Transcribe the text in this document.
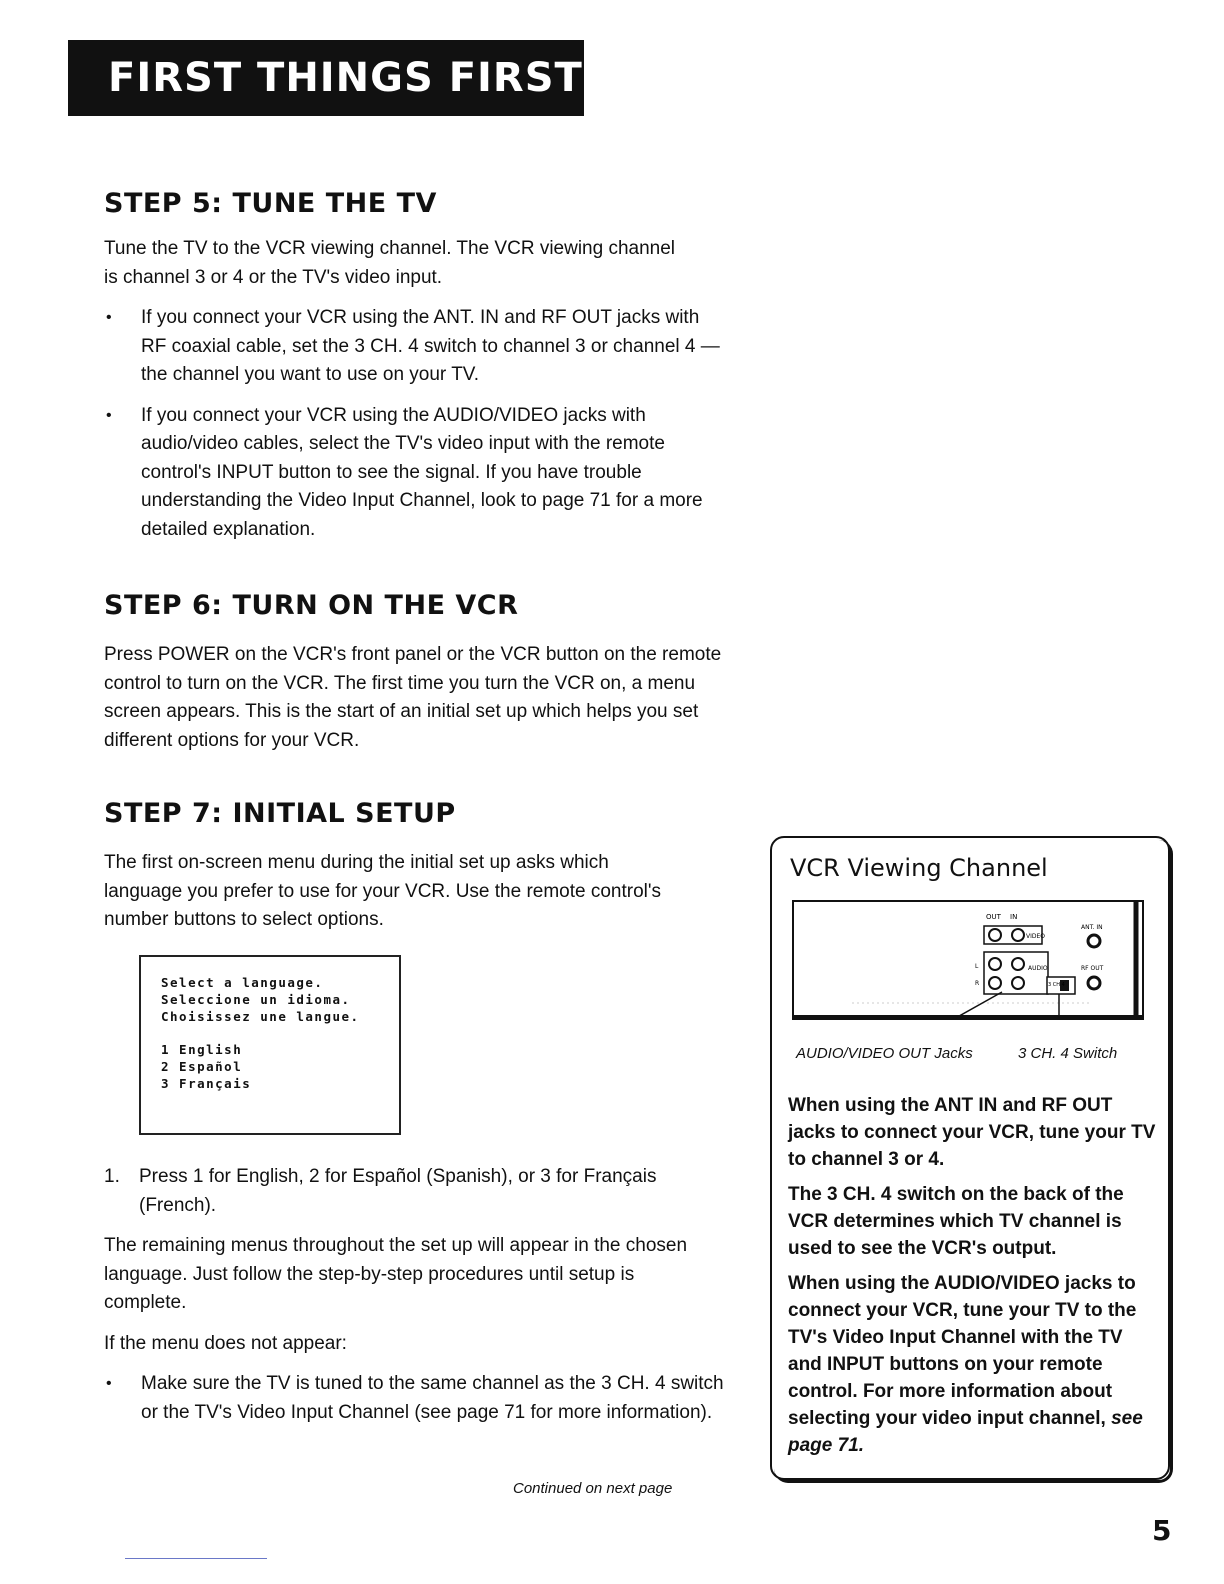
FIRST THINGS FIRST
STEP 5: TUNE THE TV

Tune the TV to the VCR viewing channel. The VCR viewing channel is channel 3 or 4 or the TV's video input.

• If you connect your VCR using the ANT. IN and RF OUT jacks with RF coaxial cable, set the 3 CH. 4 switch to channel 3 or channel 4 — the channel you want to use on your TV.
• If you connect your VCR using the AUDIO/VIDEO jacks with audio/video cables, select the TV's video input with the remote control's INPUT button to see the signal. If you have trouble understanding the Video Input Channel, look to page 71 for a more detailed explanation.
STEP 6: TURN ON THE VCR

Press POWER on the VCR's front panel or the VCR button on the remote control to turn on the VCR. The first time you turn the VCR on, a menu screen appears. This is the start of an initial set up which helps you set different options for your VCR.

STEP 7: INITIAL SETUP

The first on-screen menu during the initial set up asks which language you prefer to use for your VCR. Use the remote control's number buttons to select options.

Select a language.
Seleccione un idioma.
Choisissez une langue.
1 English
2 Español
3 Français
1. Press 1 for English, 2 for Español (Spanish), or 3 for Français (French).

The remaining menus throughout the set up will appear in the chosen language. Just follow the step-by-step procedures until setup is complete.

If the menu does not appear:

• Make sure the TV is tuned to the same channel as the 3 CH. 4 switch or the TV's Video Input Channel (see page 71 for more information).
Continued on next page
VCR Viewing Channel
OUT IN
ANT. IN
VIDEO
L
R
AUDIO	RF OUT
3 CH 4
AUDIO/VIDEO OUT Jacks	3 CH. 4 Switch

When using the ANT IN and RF OUT jacks to connect your VCR, tune your TV to channel 3 or 4.

The 3 CH. 4 switch on the back of the VCR determines which TV channel is used to see the VCR's output.

When using the AUDIO/VIDEO jacks to connect your VCR, tune your TV to the TV's Video Input Channel with the TV and INPUT buttons on your remote control. For more information about selecting your video input channel, see page 71.

5
